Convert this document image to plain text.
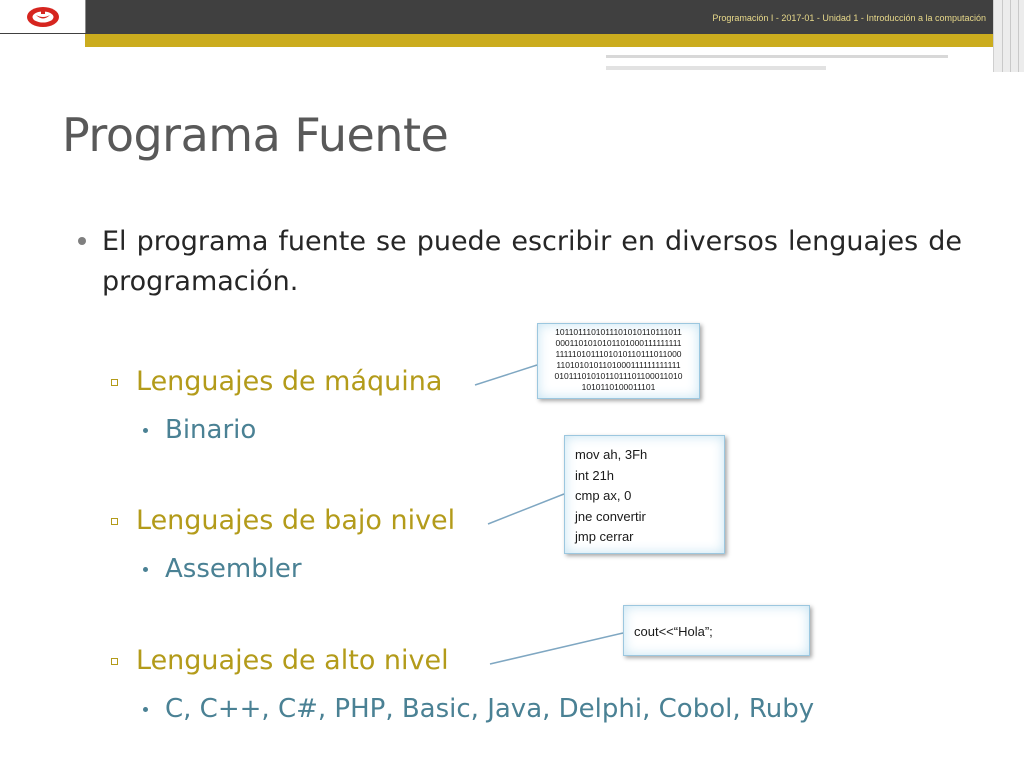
Programación I - 2017-01 - Unidad 1 - Introducción a la computación
Programa Fuente
El programa fuente se puede escribir en diversos lenguajes de programación.
Lenguajes de máquina
Binario
Lenguajes de bajo nivel
Assembler
Lenguajes de alto nivel
C, C++, C#, PHP, Basic, Java, Delphi, Cobol, Ruby
1011011101011101010110111011
0001101010101101000111111111
1111101011101010110111011000
1101010101101000111111111111
0101110101011011101100011010
1010110100011101
mov ah, 3Fh
int 21h
cmp ax, 0
jne convertir
jmp cerrar
cout<<“Hola”;
